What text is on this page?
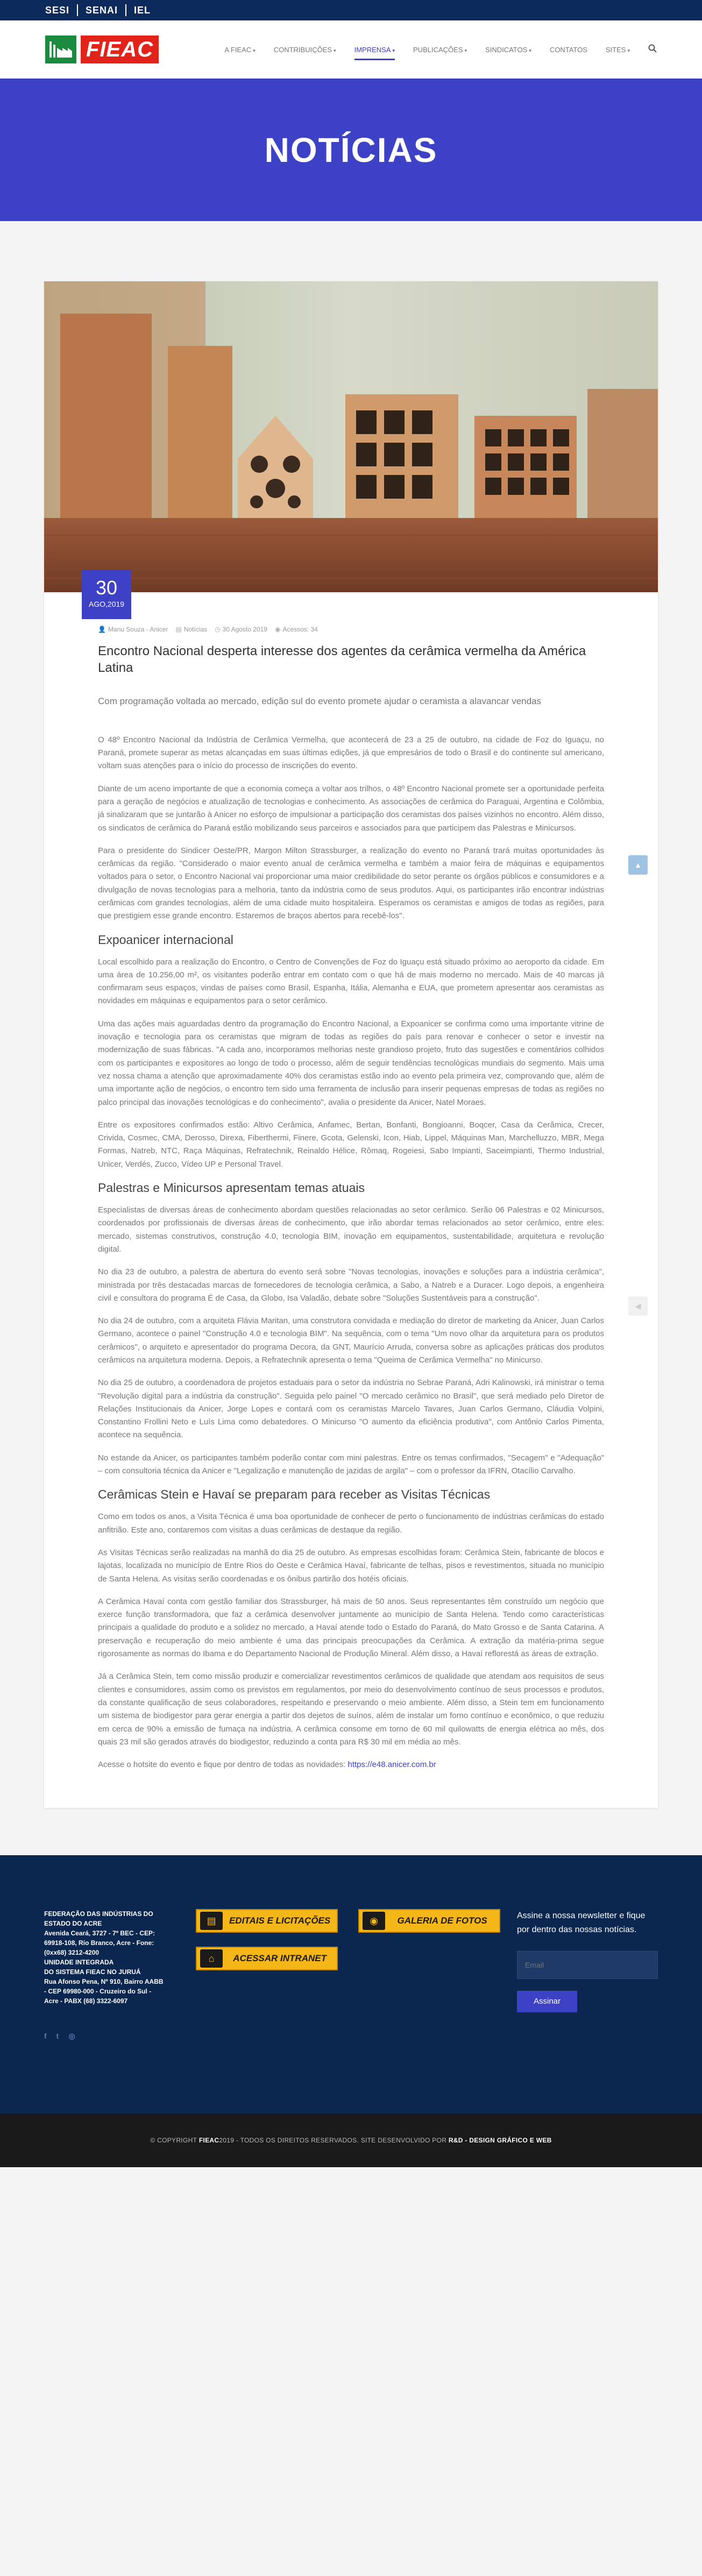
SESI SENAI IEL
FIEAC	A FIEAC ▾	CONTRIBUIÇÕES ▾	IMPRENSA ▾	PUBLICAÇÕES ▾	SINDICATOS ▾	CONTATOS	SITES ▾
NOTÍCIAS
30
AGO,2019
👤 Manu Souza - Anicer ▤ Notícias ◷ 30 Agosto 2019 ◉ Acessos: 34
Encontro Nacional desperta interesse dos agentes da cerâmica vermelha da América Latina

Com programação voltada ao mercado, edição sul do evento promete ajudar o ceramista a alavancar vendas

O 48º Encontro Nacional da Indústria de Cerâmica Vermelha, que acontecerá de 23 a 25 de outubro, na cidade de Foz do Iguaçu, no Paraná, promete superar as metas alcançadas em suas últimas edições, já que empresários de todo o Brasil e do continente sul americano, voltam suas atenções para o início do processo de inscrições do evento.

Diante de um aceno importante de que a economia começa a voltar aos trilhos, o 48º Encontro Nacional promete ser a oportunidade perfeita para a geração de negócios e atualização de tecnologias e conhecimento. As associações de cerâmica do Paraguai, Argentina e Colômbia, já sinalizaram que se juntarão à Anicer no esforço de impulsionar a participação dos ceramistas dos países vizinhos no encontro. Além disso, os sindicatos de cerâmica do Paraná estão mobilizando seus parceiros e associados para que participem das Palestras e Minicursos.

Para o presidente do Sindicer Oeste/PR, Margon Milton Strassburger, a realização do evento no Paraná trará muitas oportunidades às cerâmicas da região. "Considerado o maior evento anual de cerâmica vermelha e também a maior feira de máquinas e equipamentos voltados para o setor, o Encontro Nacional vai proporcionar uma maior credibilidade do setor perante os órgãos públicos e consumidores e a divulgação de novas tecnologias para a melhoria, tanto da indústria como de seus produtos. Aqui, os participantes irão encontrar indústrias cerâmicas com grandes tecnologias, além de uma cidade muito hospitaleira. Esperamos os ceramistas e amigos de todas as regiões, para que prestigiem esse grande encontro. Estaremos de braços abertos para recebê-los".

Expoanicer internacional

Local escolhido para a realização do Encontro, o Centro de Convenções de Foz do Iguaçu está situado próximo ao aeroporto da cidade. Em uma área de 10.256,00 m², os visitantes poderão entrar em contato com o que há de mais moderno no mercado. Mais de 40 marcas já confirmaram seus espaços, vindas de países como Brasil, Espanha, Itália, Alemanha e EUA, que prometem apresentar aos ceramistas as novidades em máquinas e equipamentos para o setor cerâmico.

Uma das ações mais aguardadas dentro da programação do Encontro Nacional, a Expoanicer se confirma como uma importante vitrine de inovação e tecnologia para os ceramistas que migram de todas as regiões do país para renovar e conhecer o setor e investir na modernização de suas fábricas. "A cada ano, incorporamos melhorias neste grandioso projeto, fruto das sugestões e comentários colhidos com os participantes e expositores ao longo de todo o processo, além de seguir tendências tecnológicas mundiais do segmento. Mais uma vez nossa chama a atenção que aproximadamente 40% dos ceramistas estão indo ao evento pela primeira vez, comprovando que, além de uma importante ação de negócios, o encontro tem sido uma ferramenta de inclusão para inserir pequenas empresas de todas as regiões no palco principal das inovações tecnológicas e do conhecimento", avalia o presidente da Anicer, Natel Moraes.

Entre os expositores confirmados estão: Altivo Cerâmica, Anfamec, Bertan, Bonfanti, Bongioanni, Boqcer, Casa da Cerâmica, Crecer, Crivida, Cosmec, CMA, Derosso, Direxa, Fiberthermi, Finere, Gcota, Gelenski, Icon, Hiab, Lippel, Máquinas Man, Marchelluzzo, MBR, Mega Formas, Natreb, NTC, Raça Máquinas, Refratechnik, Reinaldo Hélice, Rômaq, Rogeiesi, Sabo Impianti, Saceimpianti, Thermo Industrial, Unicer, Verdés, Zucco, Vídeo UP e Personal Travel.

Palestras e Minicursos apresentam temas atuais

Especialistas de diversas áreas de conhecimento abordam questões relacionadas ao setor cerâmico. Serão 06 Palestras e 02 Minicursos, coordenados por profissionais de diversas áreas de conhecimento, que irão abordar temas relacionados ao setor cerâmico, entre eles: mercado, sistemas construtivos, construção 4.0, tecnologia BIM, inovação em equipamentos, sustentabilidade, arquitetura e revolução digital.

No dia 23 de outubro, a palestra de abertura do evento será sobre "Novas tecnologias, inovações e soluções para a indústria cerâmica", ministrada por três destacadas marcas de fornecedores de tecnologia cerâmica, a Sabo, a Natreb e a Duracer. Logo depois, a engenheira civil e consultora do programa É de Casa, da Globo, Isa Valadão, debate sobre "Soluções Sustentáveis para a construção".

No dia 24 de outubro, com a arquiteta Flávia Maritan, uma construtora convidada e mediação do diretor de marketing da Anicer, Juan Carlos Germano, acontece o painel "Construção 4.0 e tecnologia BIM". Na sequência, com o tema "Um novo olhar da arquitetura para os produtos cerâmicos", o arquiteto e apresentador do programa Decora, da GNT, Maurício Arruda, conversa sobre as aplicações práticas dos produtos cerâmicos na arquitetura moderna. Depois, a Refratechnik apresenta o tema "Queima de Cerâmica Vermelha" no Minicurso.

No dia 25 de outubro, a coordenadora de projetos estaduais para o setor da indústria no Sebrae Paraná, Adri Kalinowski, irá ministrar o tema "Revolução digital para a indústria da construção". Seguida pelo painel "O mercado cerâmico no Brasil", que será mediado pelo Diretor de Relações Institucionais da Anicer, Jorge Lopes e contará com os ceramistas Marcelo Tavares, Juan Carlos Germano, Cláudia Volpini, Constantino Frollini Neto e Luís Lima como debatedores. O Minicurso "O aumento da eficiência produtiva", com Antônio Carlos Pimenta, acontece na sequência.

No estande da Anicer, os participantes também poderão contar com mini palestras. Entre os temas confirmados, "Secagem" e "Adequação" – com consultoria técnica da Anicer e "Legalização e manutenção de jazidas de argila" – com o professor da IFRN, Otacílio Carvalho.

Cerâmicas Stein e Havaí se preparam para receber as Visitas Técnicas

Como em todos os anos, a Visita Técnica é uma boa oportunidade de conhecer de perto o funcionamento de indústrias cerâmicas do estado anfitrião. Este ano, contaremos com visitas a duas cerâmicas de destaque da região.

As Visitas Técnicas serão realizadas na manhã do dia 25 de outubro. As empresas escolhidas foram: Cerâmica Stein, fabricante de blocos e lajotas, localizada no município de Entre Rios do Oeste e Cerâmica Havaí, fabricante de telhas, pisos e revestimentos, situada no município de Santa Helena. As visitas serão coordenadas e os ônibus partirão dos hotéis oficiais.

A Cerâmica Havaí conta com gestão familiar dos Strassburger, há mais de 50 anos. Seus representantes têm construído um negócio que exerce função transformadora, que faz a cerâmica desenvolver juntamente ao município de Santa Helena. Tendo como características principais a qualidade do produto e a solidez no mercado, a Havaí atende todo o Estado do Paraná, do Mato Grosso e de Santa Catarina. A preservação e recuperação do meio ambiente é uma das principais preocupações da Cerâmica. A extração da matéria-prima segue rigorosamente as normas do Ibama e do Departamento Nacional de Produção Mineral. Além disso, a Havaí reflorestá as áreas de extração.

Já a Cerâmica Stein, tem como missão produzir e comercializar revestimentos cerâmicos de qualidade que atendam aos requisitos de seus clientes e consumidores, assim como os previstos em regulamentos, por meio do desenvolvimento contínuo de seus processos e produtos, da constante qualificação de seus colaboradores, respeitando e preservando o meio ambiente. Além disso, a Stein tem em funcionamento um sistema de biodigestor para gerar energia a partir dos dejetos de suínos, além de instalar um forno contínuo e econômico, o que reduziu em cerca de 90% a emissão de fumaça na indústria. A cerâmica consome em torno de 60 mil quilowatts de energia elétrica ao mês, dos quais 23 mil são gerados através do biodigestor, reduzindo a conta para R$ 30 mil em média ao mês.

Acesse o hotsite do evento e fique por dentro de todas as novidades: https://e48.anicer.com.br

▲
◀
FEDERAÇÃO DAS INDÚSTRIAS DO
ESTADO DO ACRE
Avenida Ceará, 3727 - 7º BEC - CEP:
69918-108, Rio Branco, Acre - Fone:
(0xx68) 3212-4200
UNIDADE INTEGRADA
DO SISTEMA FIEAC NO JURUÁ
Rua Afonso Pena, Nº 910, Bairro AABB
- CEP 69980-000 - Cruzeiro do Sul -
Acre - PABX (68) 3322-6097
f t ◎
▤	EDITAIS E LICITAÇÕES	◉	GALERIA DE FOTOS
⌂	ACESSAR INTRANET

Assine a nossa newsletter e fique por dentro das nossas notícias.

Email
Assinar
© COPYRIGHT
FIEAC 2019 - TODOS OS DIREITOS RESERVADOS. SITE DESENVOLVIDO POR
R&D - DESIGN GRÁFICO E WEB
